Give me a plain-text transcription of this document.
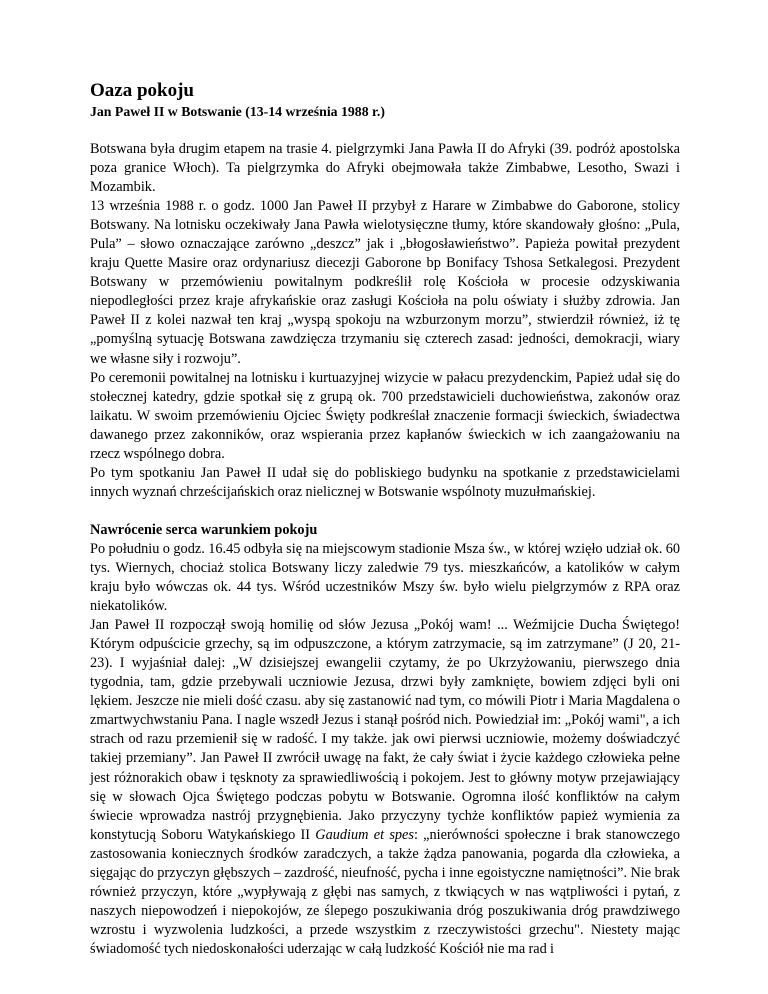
Oaza pokoju

Jan Paweł II w Botswanie (13-14 września 1988 r.)

Botswana była drugim etapem na trasie 4. pielgrzymki Jana Pawła II do Afryki (39. podróż apostolska poza granice Włoch). Ta pielgrzymka do Afryki obejmowała także Zimbabwe, Lesotho, Swazi i Mozambik.

13 września 1988 r. o godz. 1000 Jan Paweł II przybył z Harare w Zimbabwe do Gaborone, stolicy Botswany. Na lotnisku oczekiwały Jana Pawła wielotysięczne tłumy, które skandowały głośno: „Pula, Pula” – słowo oznaczające zarówno „deszcz” jak i „błogosławieństwo”. Papieża powitał prezydent kraju Quette Masire oraz ordynariusz diecezji Gaborone bp Bonifacy Tshosa Setkalegosi. Prezydent Botswany w przemówieniu powitalnym podkreślił rolę Kościoła w procesie odzyskiwania niepodległości przez kraje afrykańskie oraz zasługi Kościoła na polu oświaty i służby zdrowia. Jan Paweł II z kolei nazwał ten kraj „wyspą spokoju na wzburzonym morzu”, stwierdził również, iż tę „pomyślną sytuację Botswana zawdzięcza trzymaniu się czterech zasad: jedności, demokracji, wiary we własne siły i rozwoju”.

Po ceremonii powitalnej na lotnisku i kurtuazyjnej wizycie w pałacu prezydenckim, Papież udał się do stołecznej katedry, gdzie spotkał się z grupą ok. 700 przedstawicieli duchowieństwa, zakonów oraz laikatu. W swoim przemówieniu Ojciec Święty podkreślał znaczenie formacji świeckich, świadectwa dawanego przez zakonników, oraz wspierania przez kapłanów świeckich w ich zaangażowaniu na rzecz wspólnego dobra.

Po tym spotkaniu Jan Paweł II udał się do pobliskiego budynku na spotkanie z przedstawicielami innych wyznań chrześcijańskich oraz nielicznej w Botswanie wspólnoty muzułmańskiej.

Nawrócenie serca warunkiem pokoju

Po południu o godz. 16.45 odbyła się na miejscowym stadionie Msza św., w której wzięło udział ok. 60 tys. Wiernych, chociaż stolica Botswany liczy zaledwie 79 tys. mieszkańców, a katolików w całym kraju było wówczas ok. 44 tys. Wśród uczestników Mszy św. było wielu pielgrzymów z RPA oraz niekatolików.

Jan Paweł II rozpoczął swoją homilię od słów Jezusa „Pokój wam! ... Weźmijcie Ducha Świętego! Którym odpuścicie grzechy, są im odpuszczone, a którym zatrzymacie, są im zatrzymane” (J 20, 21-23). I wyjaśniał dalej: „W dzisiejszej ewangelii czytamy, że po Ukrzyżowaniu, pierwszego dnia tygodnia, tam, gdzie przebywali uczniowie Jezusa, drzwi były zamknięte, bowiem zdjęci byli oni lękiem. Jeszcze nie mieli dość czasu. aby się zastanowić nad tym, co mówili Piotr i Maria Magdalena o zmartwychwstaniu Pana. I nagle wszedł Jezus i stanął pośród nich. Powiedział im: „Pokój wami", a ich strach od razu przemienił się w radość. I my także. jak owi pierwsi uczniowie, możemy doświadczyć takiej przemiany”. Jan Paweł II zwrócił uwagę na fakt, że cały świat i życie każdego człowieka pełne jest różnorakich obaw i tęsknoty za sprawiedliwością i pokojem. Jest to główny motyw przejawiający się w słowach Ojca Świętego podczas pobytu w Botswanie. Ogromna ilość konfliktów na całym świecie wprowadza nastrój przygnębienia. Jako przyczyny tychże konfliktów papież wymienia za konstytucją Soboru Watykańskiego II Gaudium et spes: „nierówności społeczne i brak stanowczego zastosowania koniecznych środków zaradczych, a także żądza panowania, pogarda dla człowieka, a sięgając do przyczyn głębszych – zazdrość, nieufność, pycha i inne egoistyczne namiętności”. Nie brak również przyczyn, które „wypływają z głębi nas samych, z tkwiących w nas wątpliwości i pytań, z naszych niepowodzeń i niepokojów, ze ślepego poszukiwania dróg poszukiwania dróg prawdziwego wzrostu i wyzwolenia ludzkości, a przede wszystkim z rzeczywistości grzechu". Niestety mając świadomość tych niedoskonałości uderzając w całą ludzkość Kościół nie ma rad i
